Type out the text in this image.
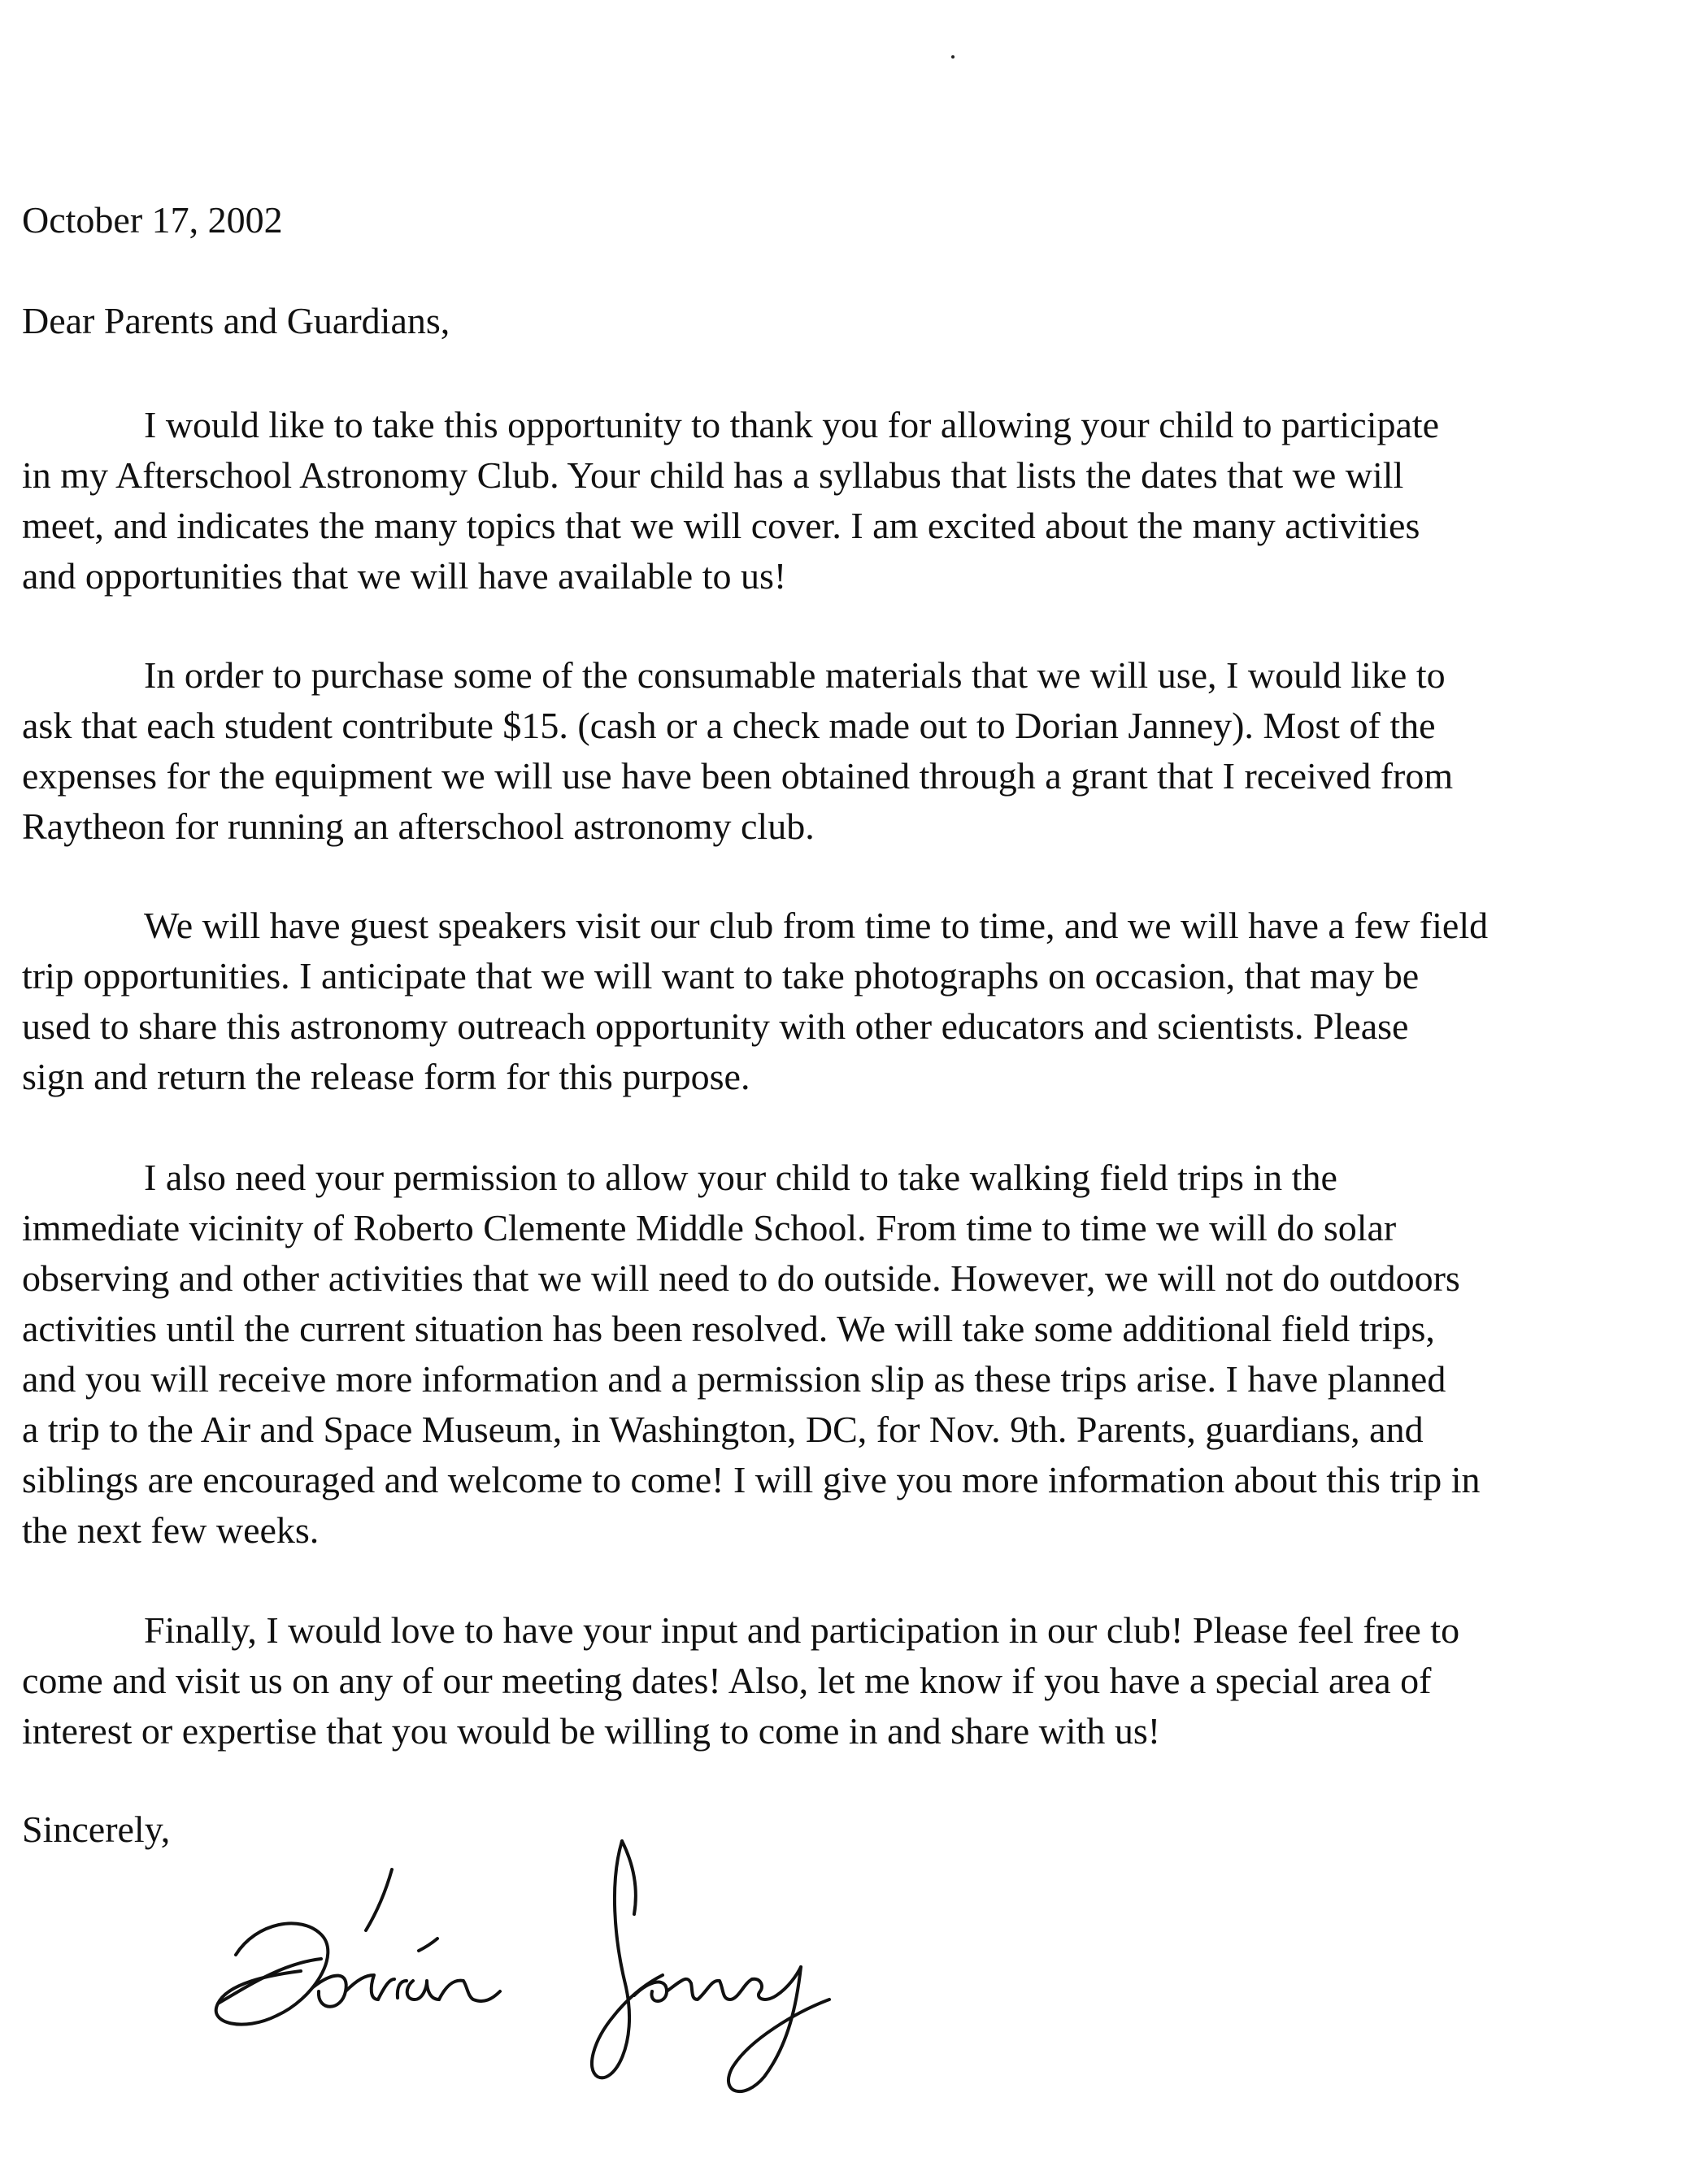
October 17, 2002
Dear Parents and Guardians,
I would like to take this opportunity to thank you for allowing your child to participate
in my Afterschool Astronomy Club. Your child has a syllabus that lists the dates that we will
meet, and indicates the many topics that we will cover. I am excited about the many activities
and opportunities that we will have available to us!
In order to purchase some of the consumable materials that we will use, I would like to
ask that each student contribute $15. (cash or a check made out to Dorian Janney). Most of the
expenses for the equipment we will use have been obtained through a grant that I received from
Raytheon for running an afterschool astronomy club.
We will have guest speakers visit our club from time to time, and we will have a few field
trip opportunities. I anticipate that we will want to take photographs on occasion, that may be
used to share this astronomy outreach opportunity with other educators and scientists. Please
sign and return the release form for this purpose.
I also need your permission to allow your child to take walking field trips in the
immediate vicinity of Roberto Clemente Middle School. From time to time we will do solar
observing and other activities that we will need to do outside. However, we will not do outdoors
activities until the current situation has been resolved. We will take some additional field trips,
and you will receive more information and a permission slip as these trips arise. I have planned
a trip to the Air and Space Museum, in Washington, DC, for Nov. 9th. Parents, guardians, and
siblings are encouraged and welcome to come! I will give you more information about this trip in
the next few weeks.
Finally, I would love to have your input and participation in our club! Please feel free to
come and visit us on any of our meeting dates! Also, let me know if you have a special area of
interest or expertise that you would be willing to come in and share with us!
Sincerely,
